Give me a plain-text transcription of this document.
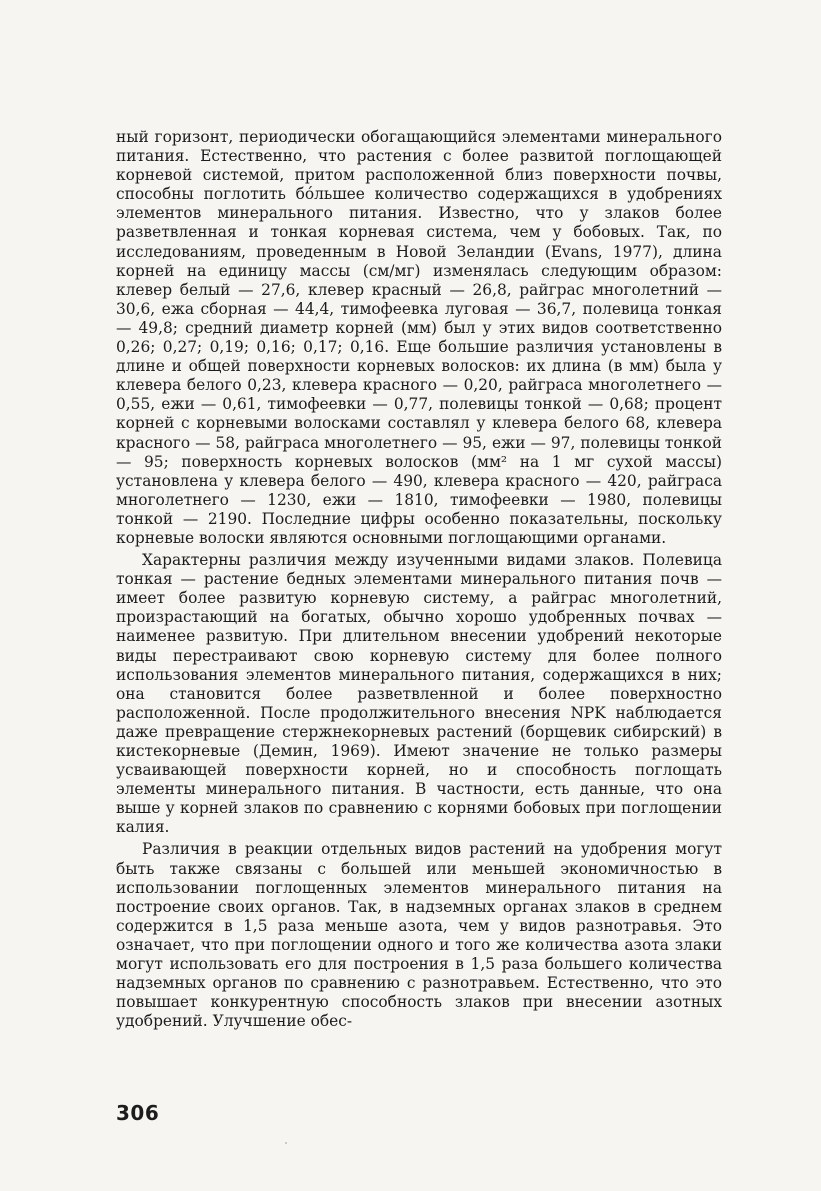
ный горизонт, периодически обогащающийся элементами минерального питания. Естественно, что растения с более развитой поглощающей корневой системой, притом расположенной близ поверхности почвы, способны поглотить бо́льшее количество содержащихся в удобрениях элементов минерального питания. Известно, что у злаков более разветвленная и тонкая корневая система, чем у бобовых. Так, по исследованиям, проведенным в Новой Зеландии (Evans, 1977), длина корней на единицу массы (см/мг) изменялась следующим образом: клевер белый — 27,6, клевер красный — 26,8, райграс многолетний — 30,6, ежа сборная — 44,4, тимофеевка луговая — 36,7, полевица тонкая — 49,8; средний диаметр корней (мм) был у этих видов соответственно 0,26; 0,27; 0,19; 0,16; 0,17; 0,16. Еще большие различия установлены в длине и общей поверхности корневых волосков: их длина (в мм) была у клевера белого 0,23, клевера красного — 0,20, райграса многолетнего — 0,55, ежи — 0,61, тимофеевки — 0,77, полевицы тонкой — 0,68; процент корней с корневыми волосками составлял у клевера белого 68, клевера красного — 58, райграса многолетнего — 95, ежи — 97, полевицы тонкой — 95; поверхность корневых волосков (мм² на 1 мг сухой массы) установлена у клевера белого — 490, клевера красного — 420, райграса многолетнего — 1230, ежи — 1810, тимофеевки — 1980, полевицы тонкой — 2190. Последние цифры особенно показательны, поскольку корневые волоски являются основными поглощающими органами.

Характерны различия между изученными видами злаков. Полевица тонкая — растение бедных элементами минерального питания почв — имеет более развитую корневую систему, а райграс многолетний, произрастающий на богатых, обычно хорошо удобренных почвах — наименее развитую. При длительном внесении удобрений некоторые виды перестраивают свою корневую систему для более полного использования элементов минерального питания, содержащихся в них; она становится более разветвленной и более поверхностно расположенной. После продолжительного внесения NPK наблюдается даже превращение стержнекорневых растений (борщевик сибирский) в кистекорневые (Демин, 1969). Имеют значение не только размеры усваивающей поверхности корней, но и способность поглощать элементы минерального питания. В частности, есть данные, что она выше у корней злаков по сравнению с корнями бобовых при поглощении калия.

Различия в реакции отдельных видов растений на удобрения могут быть также связаны с большей или меньшей экономичностью в использовании поглощенных элементов минерального питания на построение своих органов. Так, в надземных органах злаков в среднем содержится в 1,5 раза меньше азота, чем у видов разнотравья. Это означает, что при поглощении одного и того же количества азота злаки могут использовать его для построения в 1,5 раза большего количества надземных органов по сравнению с разнотравьем. Естественно, что это повышает конкурентную способность злаков при внесении азотных удобрений. Улучшение обес-

306
